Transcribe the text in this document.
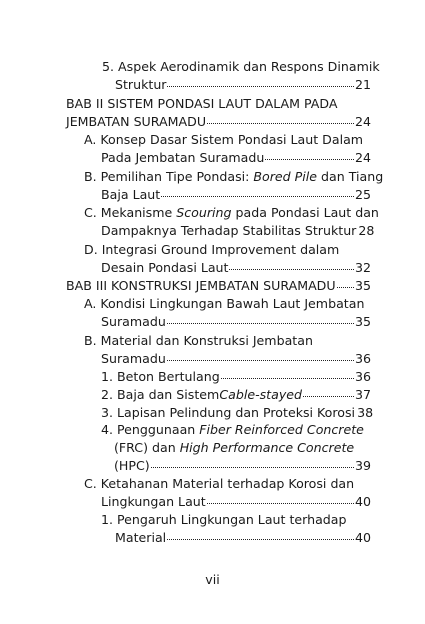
5. Aspek Aerodinamik dan Respons Dinamik
Struktur	21
BAB II SISTEM PONDASI LAUT DALAM PADA
JEMBATAN SURAMADU	24
A. Konsep Dasar Sistem Pondasi Laut Dalam
Pada Jembatan Suramadu	24
B. Pemilihan Tipe Pondasi: Bored Pile dan Tiang
Baja Laut	25
C. Mekanisme Scouring pada Pondasi Laut dan
Dampaknya Terhadap Stabilitas Struktur 28
D. Integrasi Ground Improvement dalam
Desain Pondasi Laut	32
BAB III KONSTRUKSI JEMBATAN SURAMADU 35
A. Kondisi Lingkungan Bawah Laut Jembatan
Suramadu	35
B. Material dan Konstruksi Jembatan
Suramadu	36
1. Beton Bertulang	36
2. Baja dan Sistem Cable-stayed	37
3. Lapisan Pelindung dan Proteksi Korosi 38
4. Penggunaan Fiber Reinforced Concrete
(FRC) dan High Performance Concrete
(HPC)	39
C. Ketahanan Material terhadap Korosi dan
Lingkungan Laut	40
1. Pengaruh Lingkungan Laut terhadap
Material	40
vii
